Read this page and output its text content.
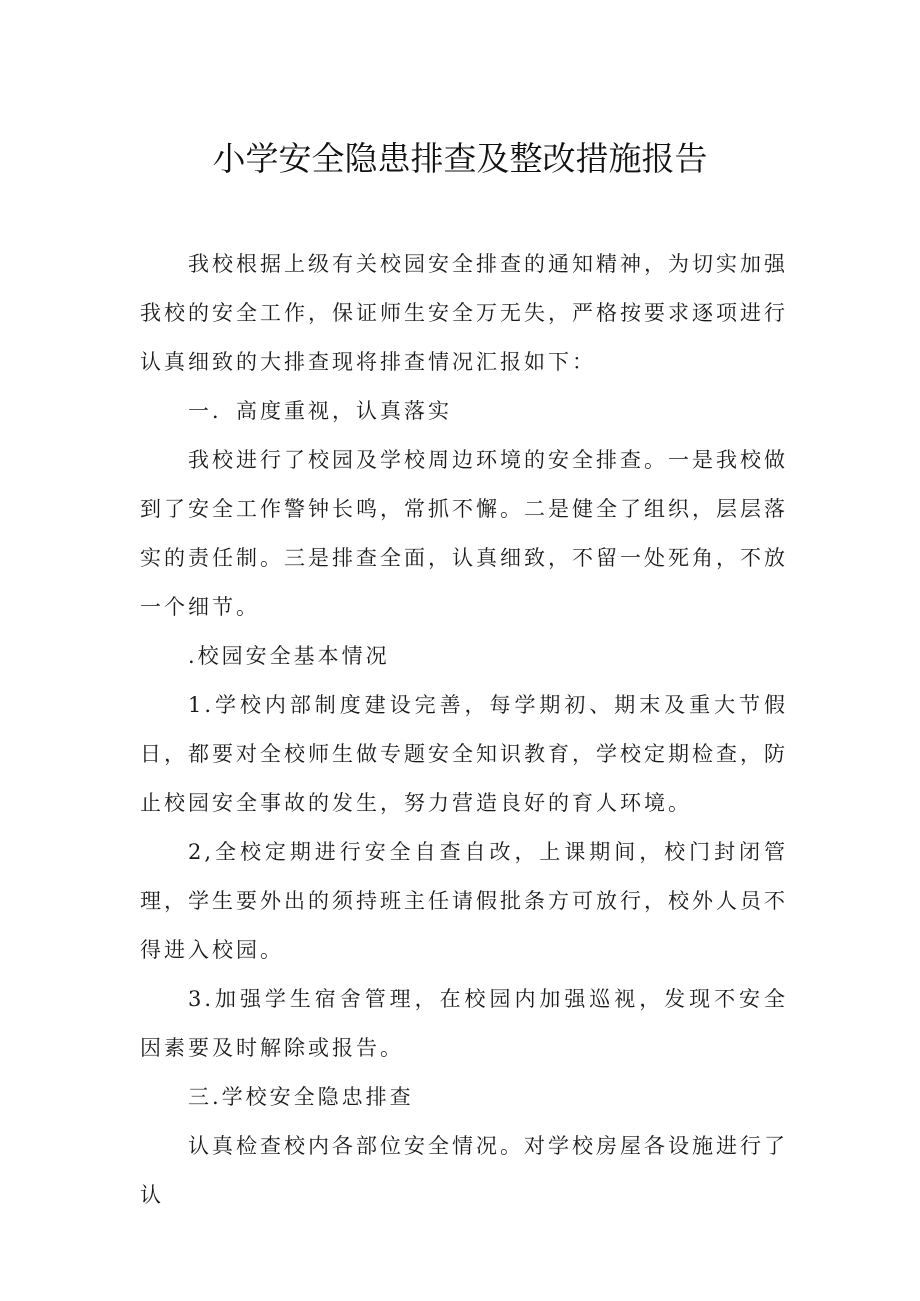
小学安全隐患排查及整改措施报告

我校根据上级有关校园安全排查的通知精神，为切实加强我校的安全工作，保证师生安全万无失，严格按要求逐项进行认真细致的大排查现将排查情况汇报如下：

一．高度重视，认真落实

我校进行了校园及学校周边环境的安全排查。一是我校做到了安全工作警钟长鸣，常抓不懈。二是健全了组织，层层落实的责任制。三是排查全面，认真细致，不留一处死角，不放一个细节。

.校园安全基本情况

1.学校内部制度建设完善，每学期初、期末及重大节假日，都要对全校师生做专题安全知识教育，学校定期检查，防止校园安全事故的发生，努力营造良好的育人环境。

2,全校定期进行安全自查自改，上课期间，校门封闭管理，学生要外出的须持班主任请假批条方可放行，校外人员不得进入校园。

3.加强学生宿舍管理，在校园内加强巡视，发现不安全因素要及时解除或报告。

三.学校安全隐忠排查

认真检查校内各部位安全情况。对学校房屋各设施进行了认
